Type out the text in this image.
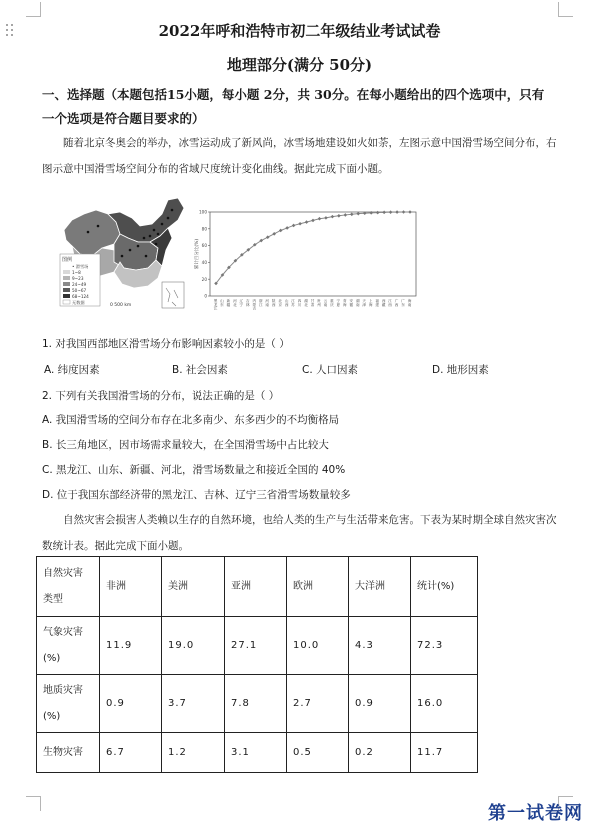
2022年呼和浩特市初二年级结业考试试卷
地理部分(满分 50分)
一、选择题（本题包括15小题，每小题 2分，共 30分。在每小题给出的四个选项中，只有
一个选项是符合题目要求的）
随着北京冬奥会的举办，冰雪运动成了新风尚，冰雪场地建设如火如荼，左图示意中国滑雪场空间分布，右图示意中国滑雪场空间分布的省域尺度统计变化曲线。据此完成下面小题。
图例
• 滑雪场
1~8
9~23
24~49
50~67
68~124
无数据
0 500 km
0
20
40
60
80
100
黑龙江 山东 新疆 河北 辽宁 吉林 内蒙古 浙江 河南 陕西 北京 山西 江苏 四川 湖北 甘肃 贵州 云南 重庆 宁夏 青海 安徽 湖南 天津 上海 福建 西藏 江西 广西 广东 海南
累计百分比(%)
1. 对我国西部地区滑雪场分布影响因素较小的是（ ）
A. 纬度因素	B. 社会因素	C. 人口因素	D. 地形因素
2. 下列有关我国滑雪场的分布，说法正确的是（ ）
A. 我国滑雪场的空间分布存在北多南少、东多西少的不均衡格局
B. 长三角地区，因市场需求量较大，在全国滑雪场中占比较大
C. 黑龙江、山东、新疆、河北，滑雪场数量之和接近全国的 40%
D. 位于我国东部经济带的黑龙江、吉林、辽宁三省滑雪场数量较多
自然灾害会损害人类赖以生存的自然环境，也给人类的生产与生活带来危害。下表为某时期全球自然灾害次数统计表。据此完成下面小题。
自然灾害
类型	非洲	美洲	亚洲	欧洲	大洋洲	统计(%)

气象灾害
(%)	11.9	19.0	27.1	10.0	4.3	72.3

地质灾害
(%)	0.9	3.7	7.8	2.7	0.9	16.0

生物灾害	6.7	1.2	3.1	0.5	0.2	11.7
第一试卷网
